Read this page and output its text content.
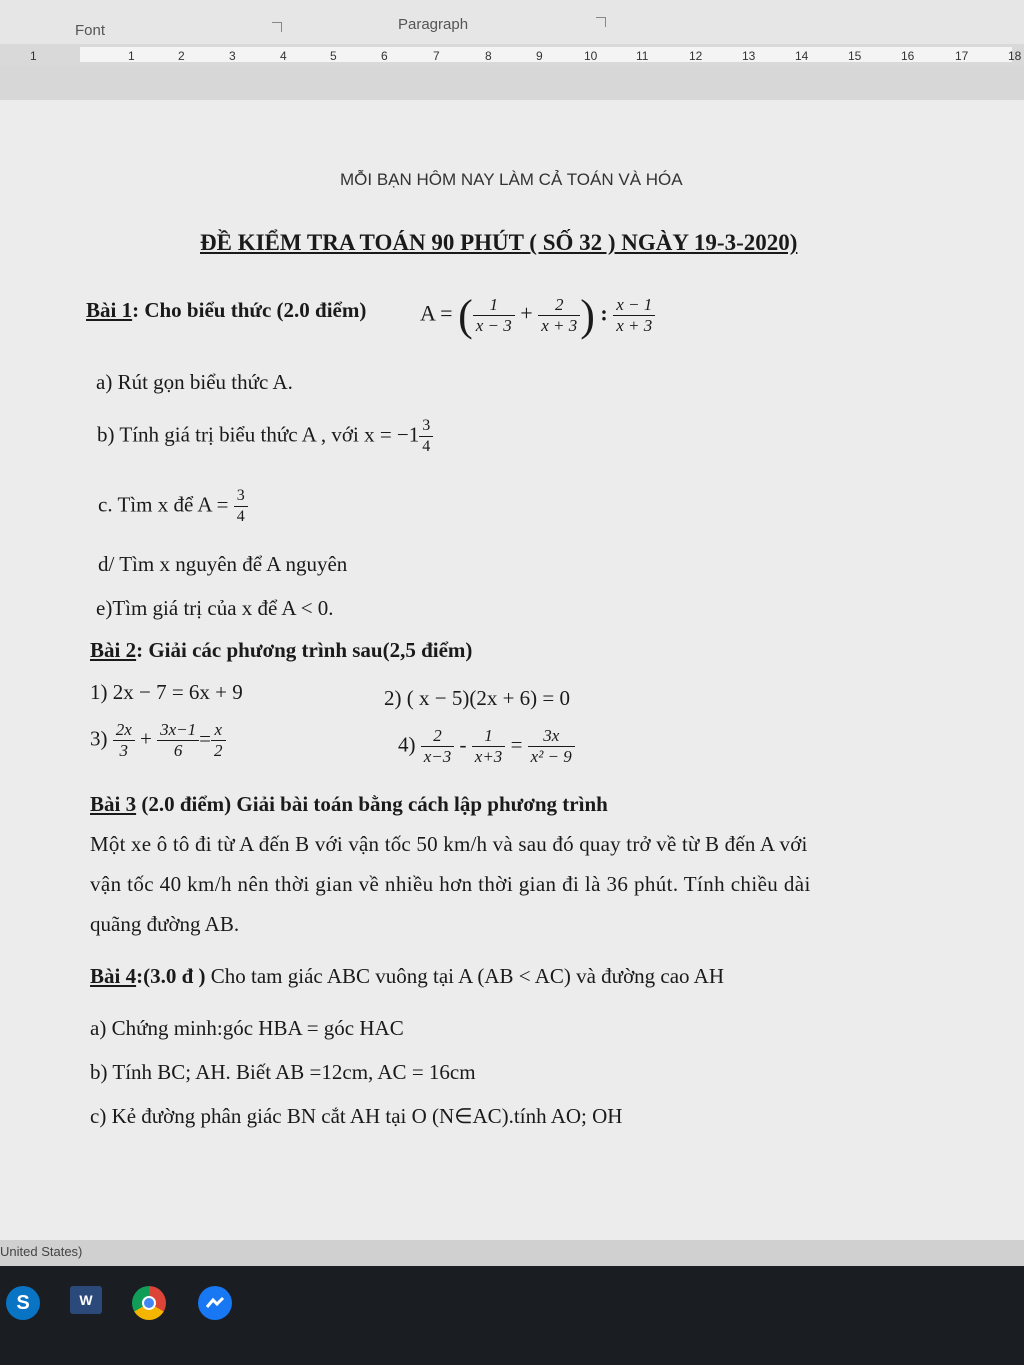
Font	Paragraph
1	1	2	3	4	5	6	7	8	9	10	11	12	13	14	15	16	17	18
MỖI BẠN HÔM NAY LÀM CẢ TOÁN VÀ HÓA
ĐỀ KIỂM TRA TOÁN 90 PHÚT ( SỐ 32 ) NGÀY 19-3-2020)
Bài 1: Cho biểu thức (2.0 điểm) A = ( $\frac{1}{x - 3} + \frac{2}{x + 3}$ ) : $\frac{x - 1}{x + 3}$
a) Rút gọn biểu thức A.
b) Tính giá trị biểu thức A , với $x = -1 \frac{3}{4}$
c. Tìm x để $A = \frac{3}{4}$
d/ Tìm x nguyên để A nguyên
e)Tìm giá trị của x để A < 0.
Bài 2: Giải các phương trình sau(2,5 điểm)
1) 2x − 7 = 6x + 9	2) ( x − 5)(2x + 6) = 0
$3) \frac{2x}{3} + \frac{3x-1}{6} = \frac{x}{2}$	$4) \frac{2}{x-3} - \frac{1}{x+3} = \frac{3x}{\text{x² − 9}}$
Bài 3 (2.0 điểm) Giải bài toán bằng cách lập phương trình
Một xe ô tô đi từ A đến B với vận tốc 50 km/h và sau đó quay trở về từ B đến A với
vận tốc 40 km/h nên thời gian về nhiều hơn thời gian đi là 36 phút. Tính chiều dài
quãng đường AB.
Bài 4:(3.0 đ ) Cho tam giác ABC vuông tại A (AB < AC) và đường cao AH
a) Chứng minh:góc HBA = góc HAC
b) Tính BC; AH. Biết AB =12cm, AC = 16cm
c) Kẻ đường phân giác BN cắt AH tại O (N∈AC).tính AO; OH
United States)
S	W
